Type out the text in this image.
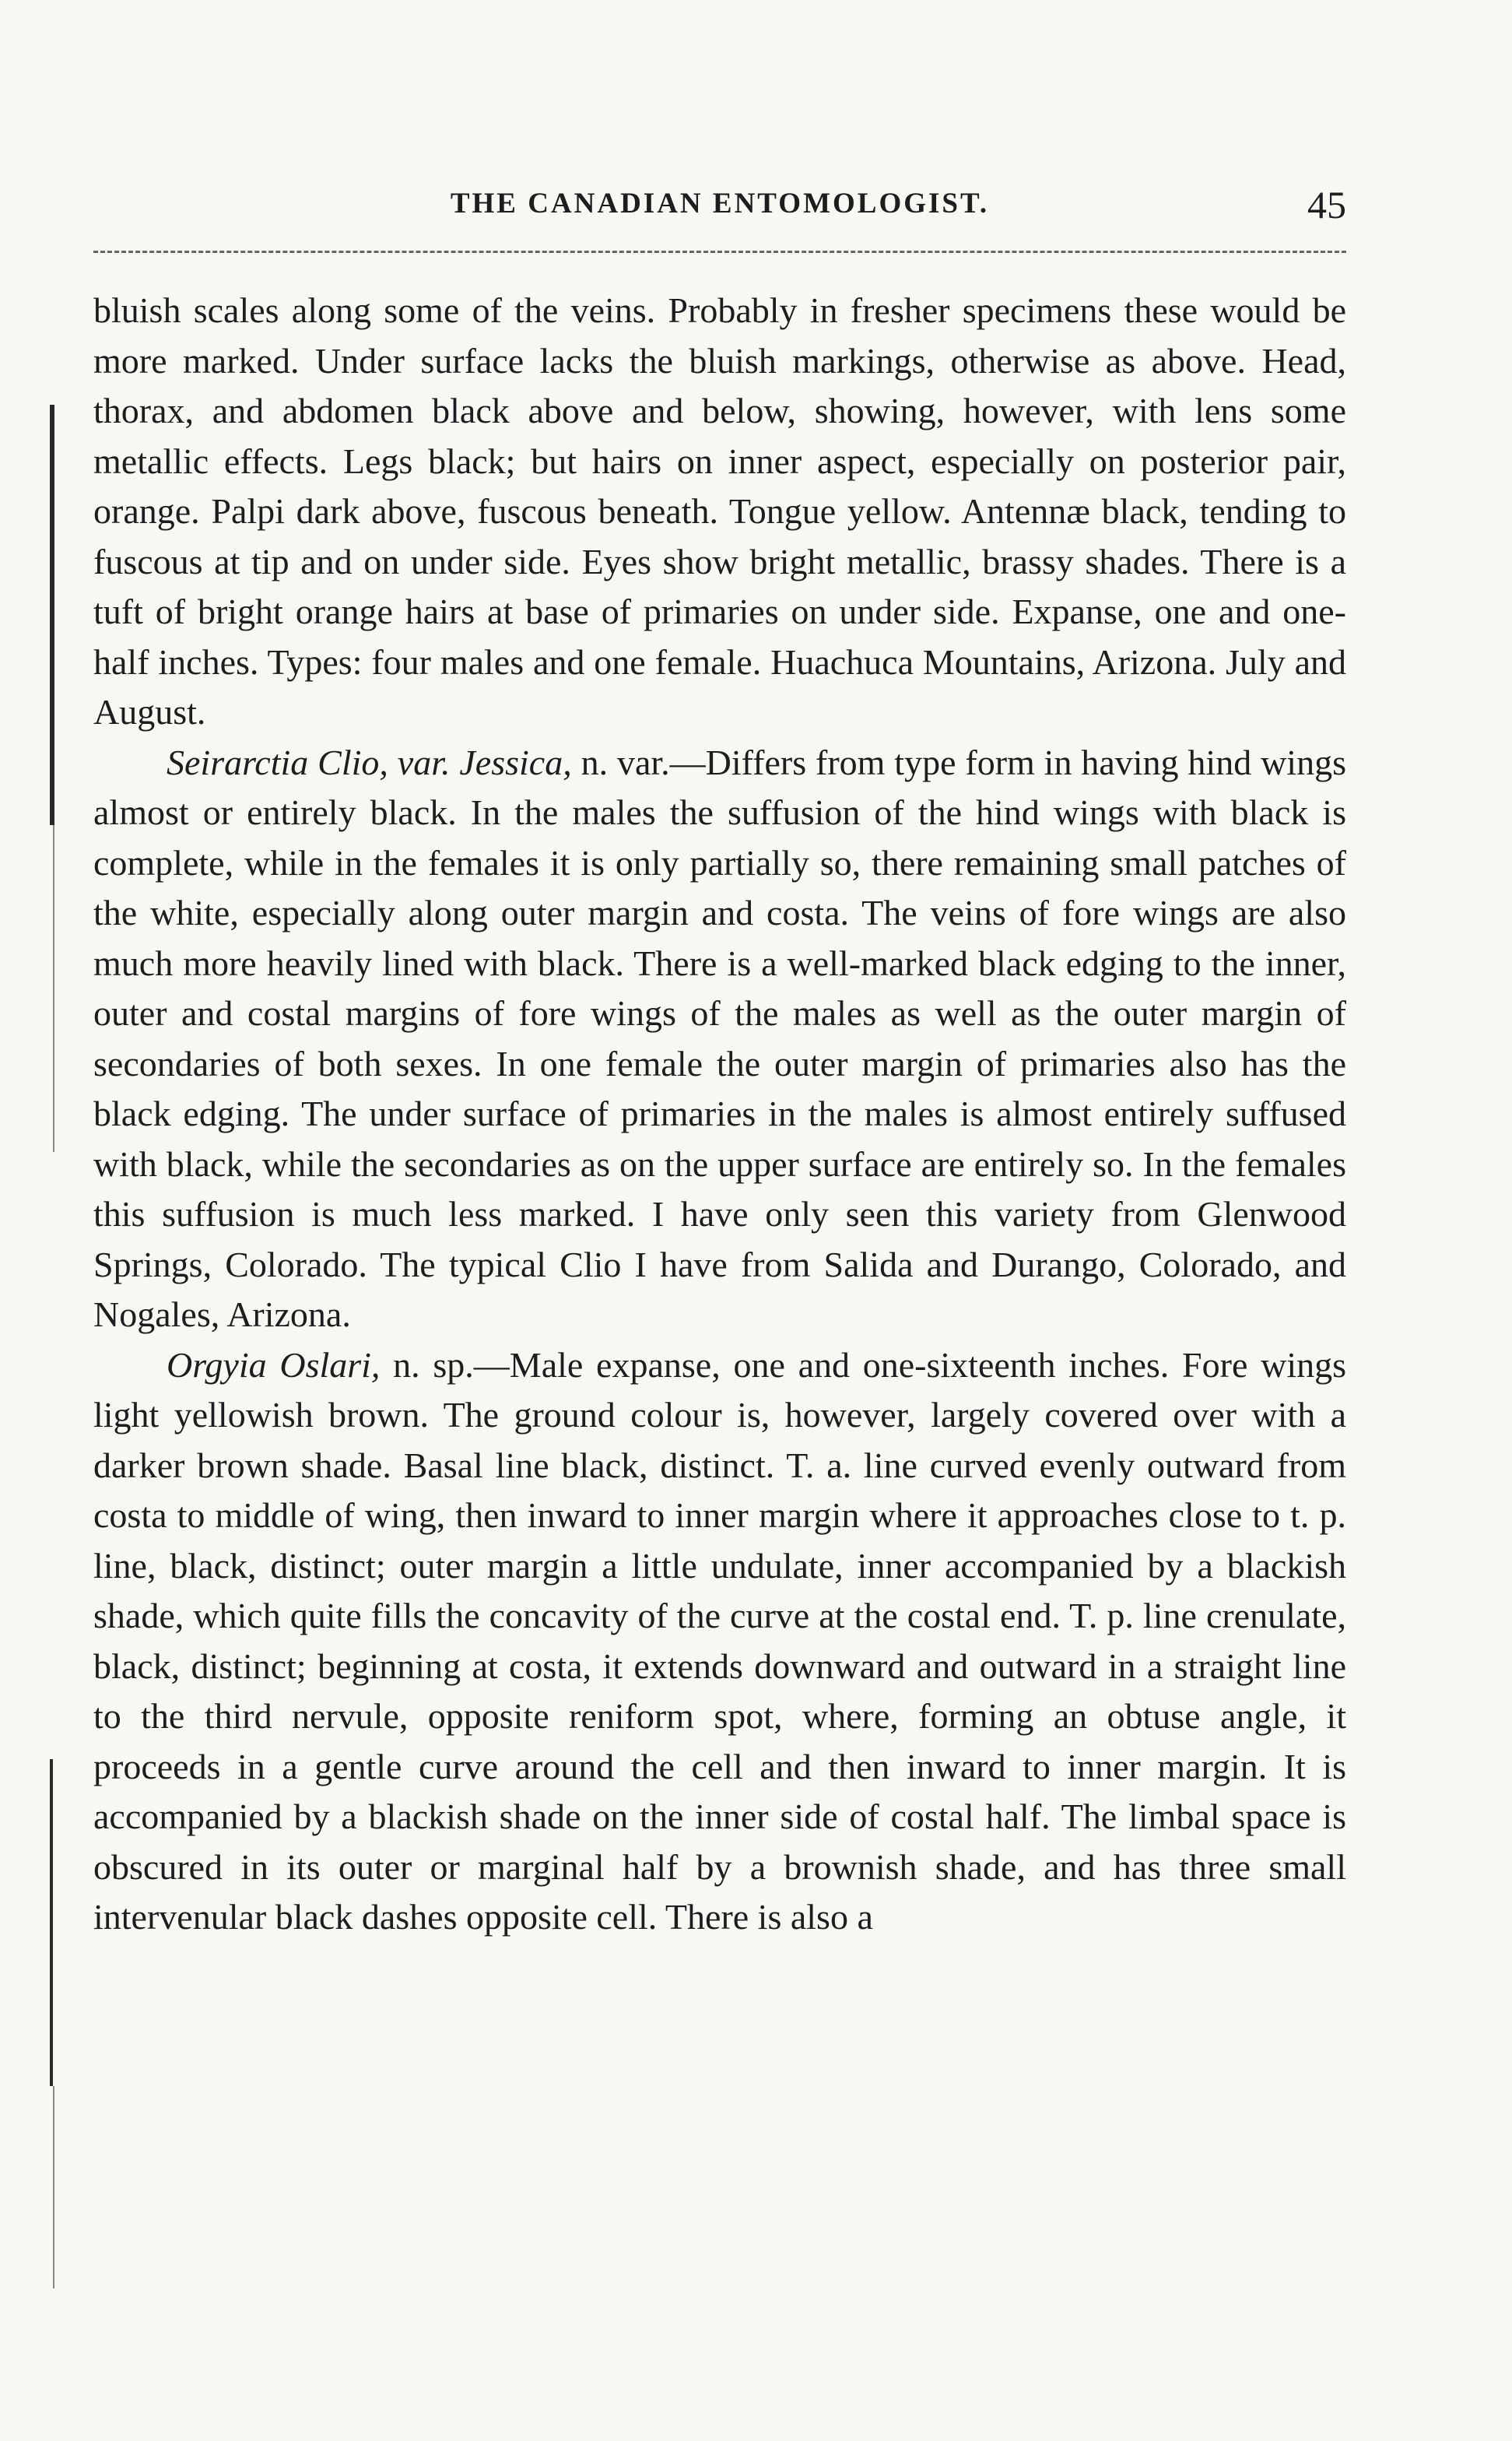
THE CANADIAN ENTOMOLOGIST.	45

bluish scales along some of the veins. Probably in fresher specimens these would be more marked. Under surface lacks the bluish markings, otherwise as above. Head, thorax, and abdomen black above and below, showing, however, with lens some metallic effects. Legs black; but hairs on inner aspect, especially on posterior pair, orange. Palpi dark above, fuscous beneath. Tongue yellow. Antennæ black, tending to fuscous at tip and on under side. Eyes show bright metallic, brassy shades. There is a tuft of bright orange hairs at base of primaries on under side. Expanse, one and one-half inches. Types: four males and one female. Huachuca Mountains, Arizona. July and August.

Seirarctia Clio, var. Jessica, n. var.—Differs from type form in having hind wings almost or entirely black. In the males the suffusion of the hind wings with black is complete, while in the females it is only partially so, there remaining small patches of the white, especially along outer margin and costa. The veins of fore wings are also much more heavily lined with black. There is a well-marked black edging to the inner, outer and costal margins of fore wings of the males as well as the outer margin of secondaries of both sexes. In one female the outer margin of primaries also has the black edging. The under surface of primaries in the males is almost entirely suffused with black, while the secondaries as on the upper surface are entirely so. In the females this suffusion is much less marked. I have only seen this variety from Glenwood Springs, Colorado. The typical Clio I have from Salida and Durango, Colorado, and Nogales, Arizona.

Orgyia Oslari, n. sp.—Male expanse, one and one-sixteenth inches. Fore wings light yellowish brown. The ground colour is, however, largely covered over with a darker brown shade. Basal line black, distinct. T. a. line curved evenly outward from costa to middle of wing, then inward to inner margin where it approaches close to t. p. line, black, distinct; outer margin a little undulate, inner accompanied by a blackish shade, which quite fills the concavity of the curve at the costal end. T. p. line crenulate, black, distinct; beginning at costa, it extends downward and outward in a straight line to the third nervule, opposite reniform spot, where, forming an obtuse angle, it proceeds in a gentle curve around the cell and then inward to inner margin. It is accompanied by a blackish shade on the inner side of costal half. The limbal space is obscured in its outer or marginal half by a brownish shade, and has three small intervenular black dashes opposite cell. There is also a
